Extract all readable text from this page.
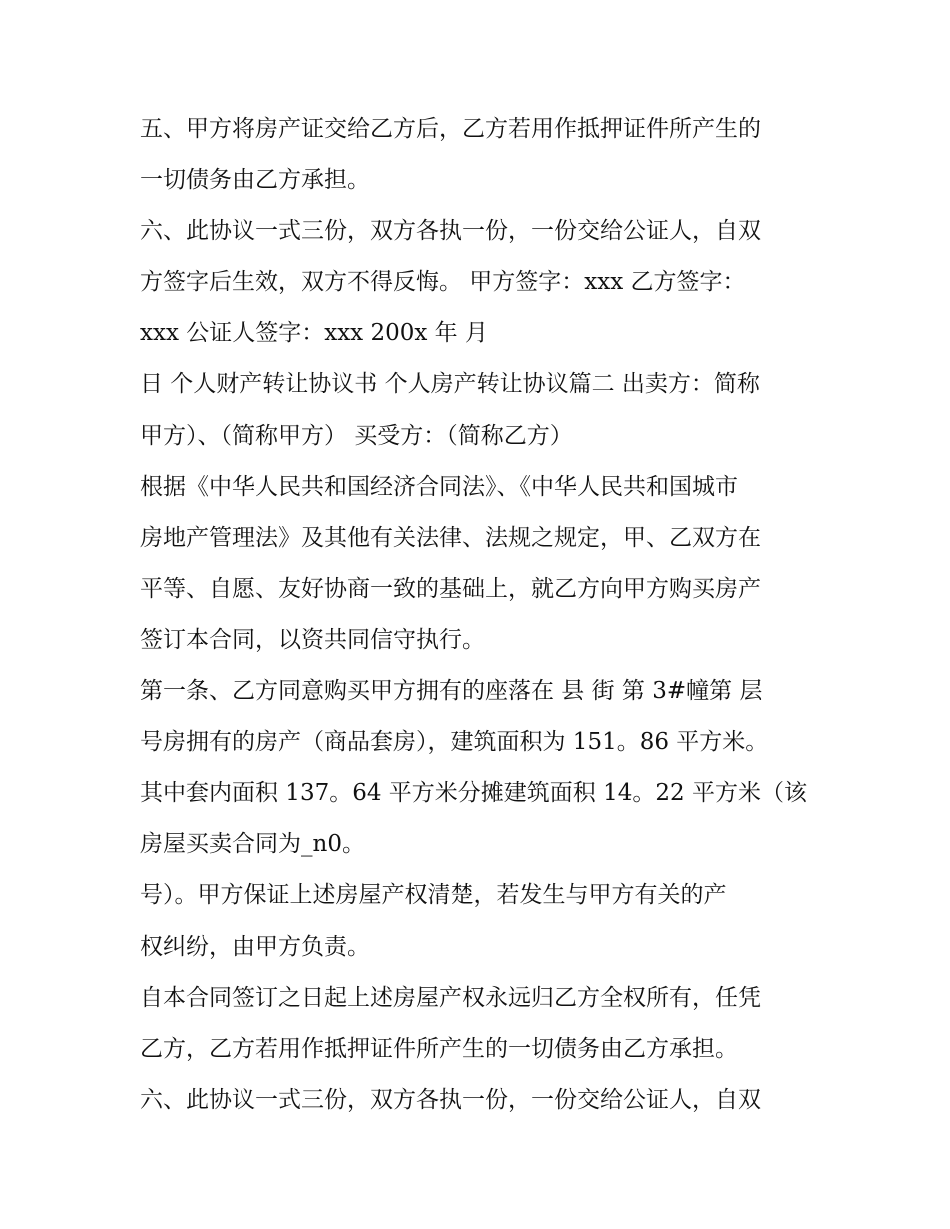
五、甲方将房产证交给乙方后，乙方若用作抵押证件所产生的
一切债务由乙方承担。
六、此协议一式三份，双方各执一份，一份交给公证人，自双
方签字后生效，双方不得反悔。 甲方签字：xxx 乙方签字：
xxx 公证人签字：xxx 200x 年 月
日 个人财产转让协议书 个人房产转让协议篇二 出卖方：简称
甲方）、（简称甲方） 买受方：（简称乙方）
根据《中华人民共和国经济合同法》、《中华人民共和国城市
房地产管理法》及其他有关法律、法规之规定，甲、乙双方在
平等、自愿、友好协商一致的基础上，就乙方向甲方购买房产
签订本合同，以资共同信守执行。
第一条、乙方同意购买甲方拥有的座落在 县 街 第 3#幢第 层
号房拥有的房产（商品套房），建筑面积为 151。86 平方米。
其中套内面积 137。64 平方米分摊建筑面积 14。22 平方米（该
房屋买卖合同为_n0。
号）。甲方保证上述房屋产权清楚，若发生与甲方有关的产
权纠纷，由甲方负责。
自本合同签订之日起上述房屋产权永远归乙方全权所有，任凭
乙方，乙方若用作抵押证件所产生的一切债务由乙方承担。
六、此协议一式三份，双方各执一份，一份交给公证人，自双
